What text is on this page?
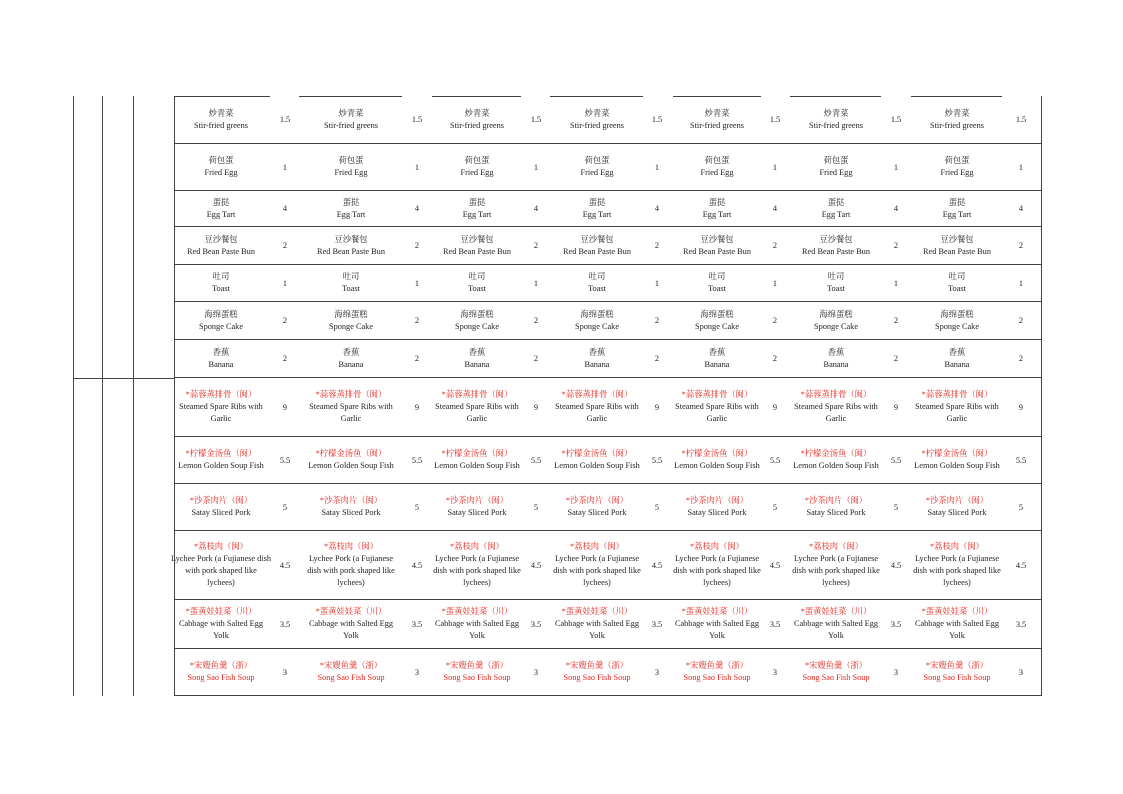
炒青菜
Stir-fried greens
1.5
炒青菜
Stir-fried greens
1.5
炒青菜
Stir-fried greens
1.5
炒青菜
Stir-fried greens
1.5
炒青菜
Stir-fried greens
1.5
炒青菜
Stir-fried greens
1.5
炒青菜
Stir-fried greens
1.5
荷包蛋
Fried Egg
1
荷包蛋
Fried Egg
1
荷包蛋
Fried Egg
1
荷包蛋
Fried Egg
1
荷包蛋
Fried Egg
1
荷包蛋
Fried Egg
1
荷包蛋
Fried Egg
1
蛋挞
Egg Tart
4
蛋挞
Egg Tart
4
蛋挞
Egg Tart
4
蛋挞
Egg Tart
4
蛋挞
Egg Tart
4
蛋挞
Egg Tart
4
蛋挞
Egg Tart
4
豆沙餐包
Red Bean Paste Bun
2
豆沙餐包
Red Bean Paste Bun
2
豆沙餐包
Red Bean Paste Bun
2
豆沙餐包
Red Bean Paste Bun
2
豆沙餐包
Red Bean Paste Bun
2
豆沙餐包
Red Bean Paste Bun
2
豆沙餐包
Red Bean Paste Bun
2
吐司
Toast
1
吐司
Toast
1
吐司
Toast
1
吐司
Toast
1
吐司
Toast
1
吐司
Toast
1
吐司
Toast
1
海绵蛋糕
Sponge Cake
2
海绵蛋糕
Sponge Cake
2
海绵蛋糕
Sponge Cake
2
海绵蛋糕
Sponge Cake
2
海绵蛋糕
Sponge Cake
2
海绵蛋糕
Sponge Cake
2
海绵蛋糕
Sponge Cake
2
香蕉
Banana
2
香蕉
Banana
2
香蕉
Banana
2
香蕉
Banana
2
香蕉
Banana
2
香蕉
Banana
2
香蕉
Banana
2
*蒜蓉蒸排骨（闽）
Steamed Spare Ribs with Garlic
9
*蒜蓉蒸排骨（闽）
Steamed Spare Ribs with Garlic
9
*蒜蓉蒸排骨（闽）
Steamed Spare Ribs with Garlic
9
*蒜蓉蒸排骨（闽）
Steamed Spare Ribs with Garlic
9
*蒜蓉蒸排骨（闽）
Steamed Spare Ribs with Garlic
9
*蒜蓉蒸排骨（闽）
Steamed Spare Ribs with Garlic
9
*蒜蓉蒸排骨（闽）
Steamed Spare Ribs with Garlic
9
*柠檬金汤鱼（闽）
Lemon Golden Soup Fish
5.5
*柠檬金汤鱼（闽）
Lemon Golden Soup Fish
5.5
*柠檬金汤鱼（闽）
Lemon Golden Soup Fish
5.5
*柠檬金汤鱼（闽）
Lemon Golden Soup Fish
5.5
*柠檬金汤鱼（闽）
Lemon Golden Soup Fish
5.5
*柠檬金汤鱼（闽）
Lemon Golden Soup Fish
5.5
*柠檬金汤鱼（闽）
Lemon Golden Soup Fish
5.5
*沙茶肉片（闽）
Satay Sliced Pork
5
*沙茶肉片（闽）
Satay Sliced Pork
5
*沙茶肉片（闽）
Satay Sliced Pork
5
*沙茶肉片（闽）
Satay Sliced Pork
5
*沙茶肉片（闽）
Satay Sliced Pork
5
*沙茶肉片（闽）
Satay Sliced Pork
5
*沙茶肉片（闽）
Satay Sliced Pork
5
*荔枝肉（闽）
Lychee Pork (a Fujianese dish with pork shaped like lychees)
4.5
*荔枝肉（闽）
Lychee Pork (a Fujianese dish with pork shaped like lychees)
4.5
*荔枝肉（闽）
Lychee Pork (a Fujianese dish with pork shaped like lychees)
4.5
*荔枝肉（闽）
Lychee Pork (a Fujianese dish with pork shaped like lychees)
4.5
*荔枝肉（闽）
Lychee Pork (a Fujianese dish with pork shaped like lychees)
4.5
*荔枝肉（闽）
Lychee Pork (a Fujianese dish with pork shaped like lychees)
4.5
*荔枝肉（闽）
Lychee Pork (a Fujianese dish with pork shaped like lychees)
4.5
*蛋黄娃娃菜（川）
Cabbage with Salted Egg Yolk
3.5
*蛋黄娃娃菜（川）
Cabbage with Salted Egg Yolk
3.5
*蛋黄娃娃菜（川）
Cabbage with Salted Egg Yolk
3.5
*蛋黄娃娃菜（川）
Cabbage with Salted Egg Yolk
3.5
*蛋黄娃娃菜（川）
Cabbage with Salted Egg Yolk
3.5
*蛋黄娃娃菜（川）
Cabbage with Salted Egg Yolk
3.5
*蛋黄娃娃菜（川）
Cabbage with Salted Egg Yolk
3.5
*宋嫂鱼羹（浙）
Song Sao Fish Soup
3
*宋嫂鱼羹（浙）
Song Sao Fish Soup
3
*宋嫂鱼羹（浙）
Song Sao Fish Soup
3
*宋嫂鱼羹（浙）
Song Sao Fish Soup
3
*宋嫂鱼羹（浙）
Song Sao Fish Soup
3
*宋嫂鱼羹（浙）
Song Sao Fish Soup
3
*宋嫂鱼羹（浙）
Song Sao Fish Soup
3
